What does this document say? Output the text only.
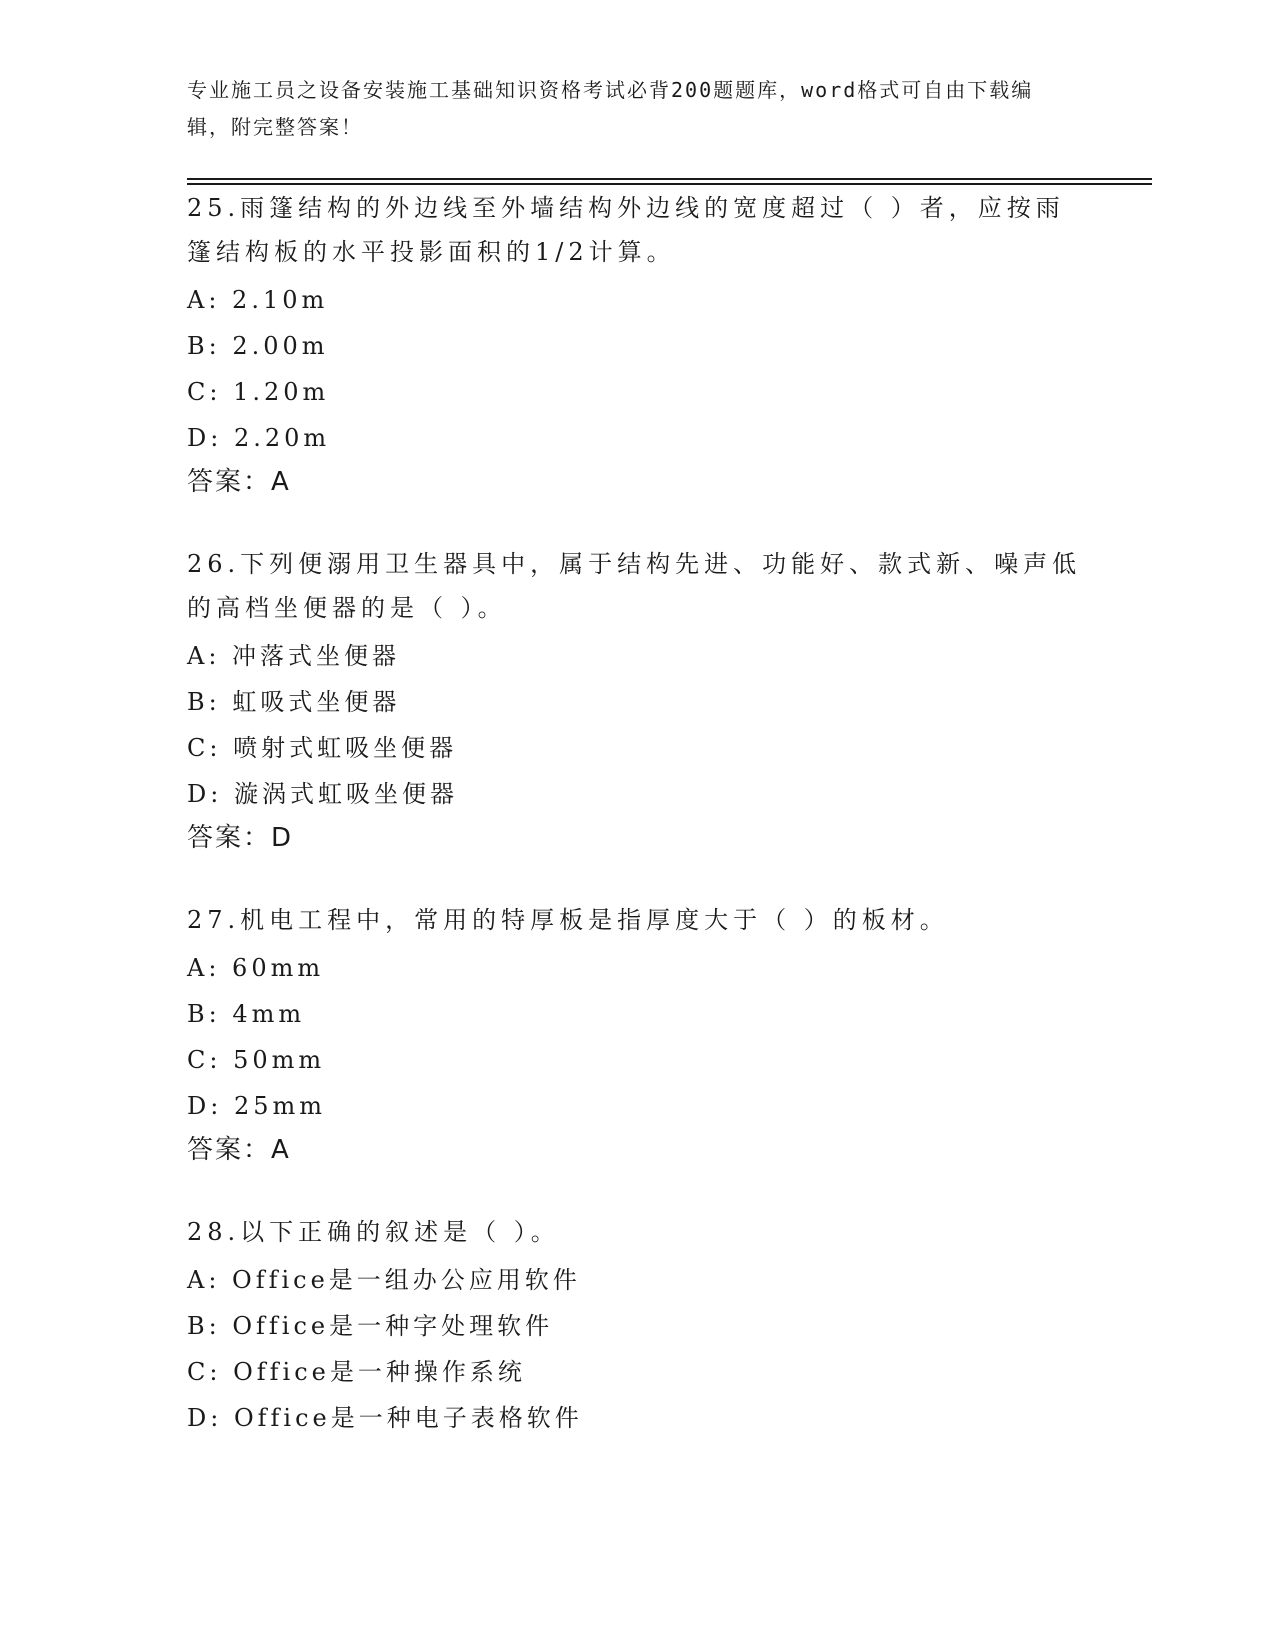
专业施工员之设备安装施工基础知识资格考试必背200题题库，word格式可自由下载编辑，附完整答案！
25.雨篷结构的外边线至外墙结构外边线的宽度超过（ ）者，应按雨篷结构板的水平投影面积的1/2计算。
A: 2.10m
B: 2.00m
C: 1.20m
D: 2.20m
答案：A
26.下列便溺用卫生器具中，属于结构先进、功能好、款式新、噪声低的高档坐便器的是（ ）。
A: 冲落式坐便器
B: 虹吸式坐便器
C: 喷射式虹吸坐便器
D: 漩涡式虹吸坐便器
答案：D
27.机电工程中，常用的特厚板是指厚度大于（ ）的板材。
A: 60mm
B: 4mm
C: 50mm
D: 25mm
答案：A
28.以下正确的叙述是（ ）。
A: Office是一组办公应用软件
B: Office是一种字处理软件
C: Office是一种操作系统
D: Office是一种电子表格软件
